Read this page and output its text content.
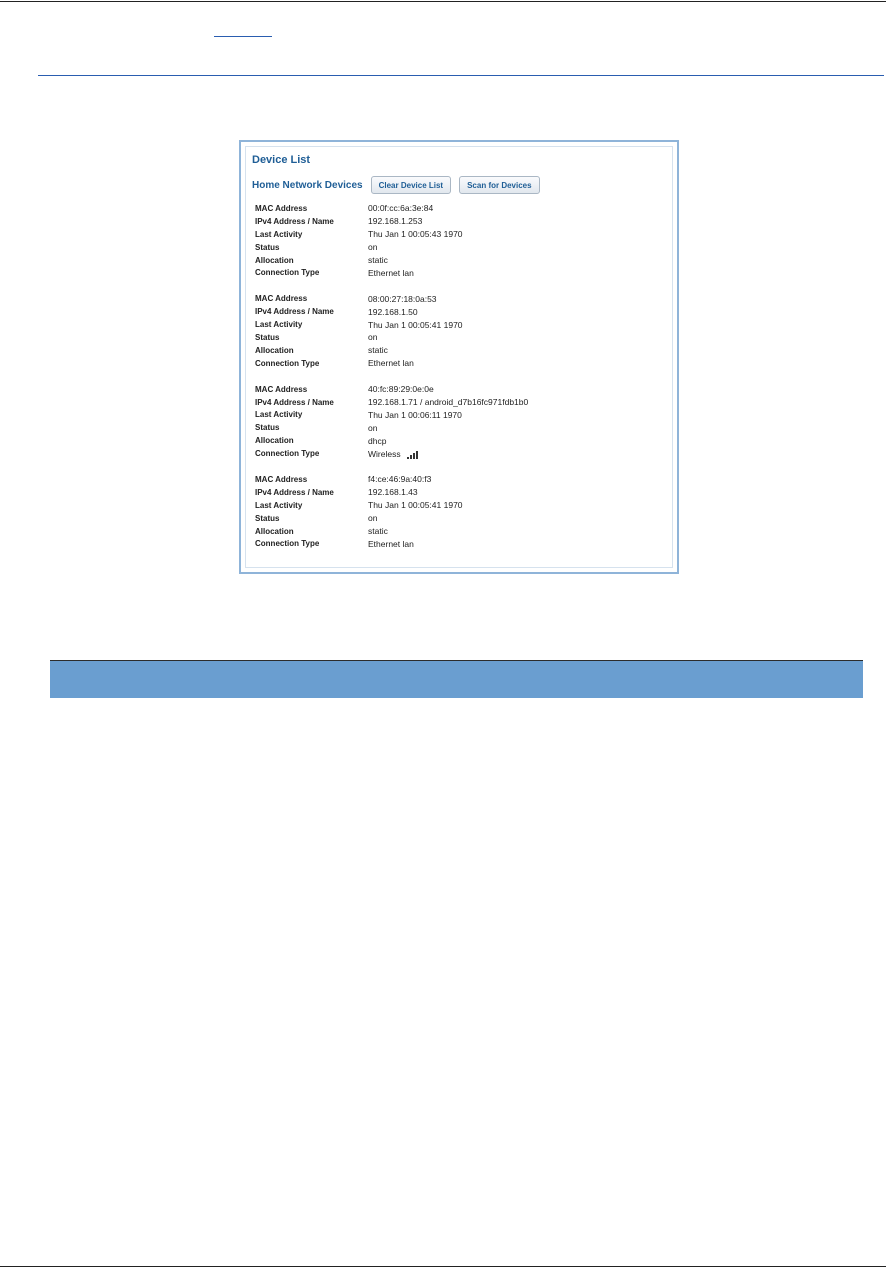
Device List
Home Network Devices	Clear Device List	Scan for Devices
MAC Address	00:0f:cc:6a:3e:84
IPv4 Address / Name	192.168.1.253
Last Activity	Thu Jan 1 00:05:43 1970
Status	on
Allocation	static
Connection Type	Ethernet lan
MAC Address	08:00:27:18:0a:53
IPv4 Address / Name	192.168.1.50
Last Activity	Thu Jan 1 00:05:41 1970
Status	on
Allocation	static
Connection Type	Ethernet lan
MAC Address	40:fc:89:29:0e:0e
IPv4 Address / Name	192.168.1.71 / android_d7b16fc971fdb1b0
Last Activity	Thu Jan 1 00:06:11 1970
Status	on
Allocation	dhcp
Connection Type	Wireless
MAC Address	f4:ce:46:9a:40:f3
IPv4 Address / Name	192.168.1.43
Last Activity	Thu Jan 1 00:05:41 1970
Status	on
Allocation	static
Connection Type	Ethernet lan
